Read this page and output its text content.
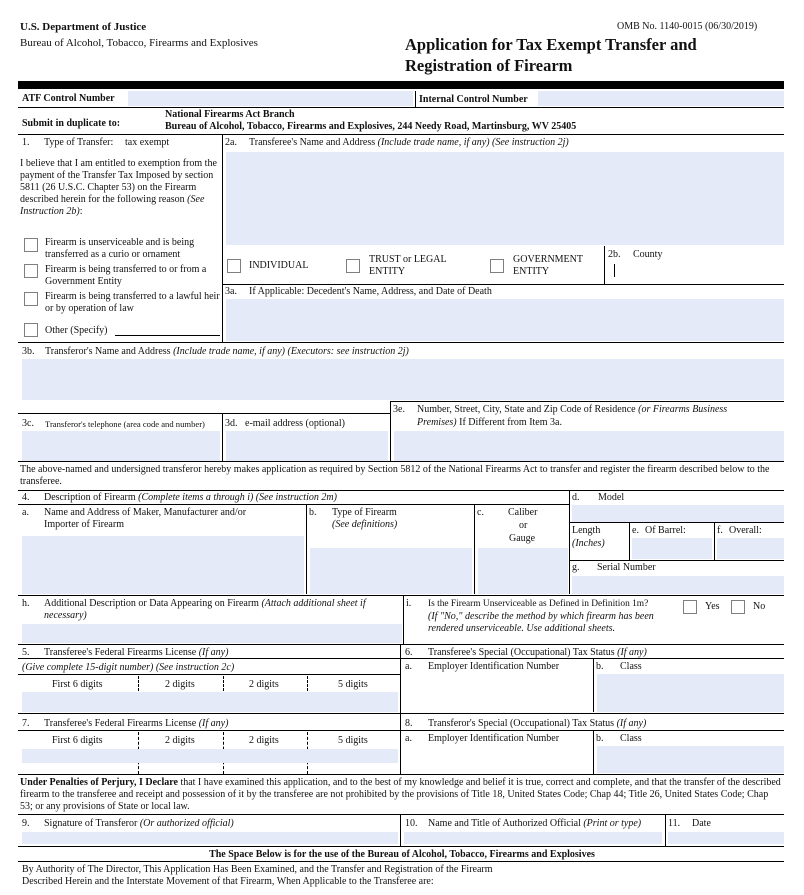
U.S. Department of Justice
Bureau of Alcohol, Tobacco, Firearms and Explosives
OMB No. 1140-0015 (06/30/2019)
Application for Tax Exempt Transfer and
Registration of Firearm
ATF Control Number	Internal Control Number
Submit in duplicate to:
National Firearms Act Branch
Bureau of Alcohol, Tobacco, Firearms and Explosives, 244 Needy Road, Martinsburg, WV 25405
1. Type of Transfer: tax exempt
I believe that I am entitled to exemption from the payment of the Transfer Tax Imposed by section 5811 (26 U.S.C. Chapter 53) on the Firearm described herein for the following reason (See Instruction 2b):
Firearm is unserviceable and is being transferred as a curio or ornament
Firearm is being transferred to or from a Government Entity
Firearm is being transferred to a lawful heir or by operation of law
Other (Specify)
2a. Transferee's Name and Address (Include trade name, if any) (See instruction 2j)
INDIVIDUAL
TRUST or LEGAL
ENTITY
GOVERNMENT
ENTITY
2b. County
3a. If Applicable: Decedent's Name, Address, and Date of Death
3b. Transferor's Name and Address (Include trade name, if any) (Executors: see instruction 2j)
3e. Number, Street, City, State and Zip Code of Residence (or Firearms Business
Premises) If Different from Item 3a.
3c. Transferor's telephone (area code and number) 3d. e-mail address (optional)
The above-named and undersigned transferor hereby makes application as required by Section 5812 of the National Firearms Act to transfer and register the firearm described below to the transferee.
4. Description of Firearm (Complete items a through i) (See instruction 2m)
a. Name and Address of Maker, Manufacturer and/or
Importer of Firearm
b. Type of Firearm
(See definitions)
c. Caliber
or
Gauge
d. Model
Length
(Inches)
e. Of Barrel:	f. Overall:
g. Serial Number
h. Additional Description or Data Appearing on Firearm (Attach additional sheet if
necessary)
i. Is the Firearm Unserviceable as Defined in Definition 1m?
(If "No," describe the method by which firearm has been
rendered unserviceable. Use additional sheets.
Yes	No
5. Transferee's Federal Firearms License (If any)
(Give complete 15-digit number) (See instruction 2c)
First 6 digits	2 digits	2 digits	5 digits
6. Transferee's Special (Occupational) Tax Status (If any)
a. Employer Identification Number	b. Class
7. Transferee's Federal Firearms License (If any)
First 6 digits	2 digits	2 digits	5 digits
8. Transferor's Special (Occupational) Tax Status (If any)
a. Employer Identification Number	b. Class
Under Penalties of Perjury, I Declare that I have examined this application, and to the best of my knowledge and belief it is true, correct and complete, and that the transfer of the described firearm to the transferee and receipt and possession of it by the transferee are not prohibited by the provisions of Title 18, United States Code; Chap 44; Title 26, United States Code; Chap 53; or any provisions of State or local law.
9. Signature of Transferor (Or authorized official)	10. Name and Title of Authorized Official (Print or type)	11. Date
The Space Below is for the use of the Bureau of Alcohol, Tobacco, Firearms and Explosives
By Authority of The Director, This Application Has Been Examined, and the Transfer and Registration of the Firearm
Described Herein and the Interstate Movement of that Firearm, When Applicable to the Transferee are:
